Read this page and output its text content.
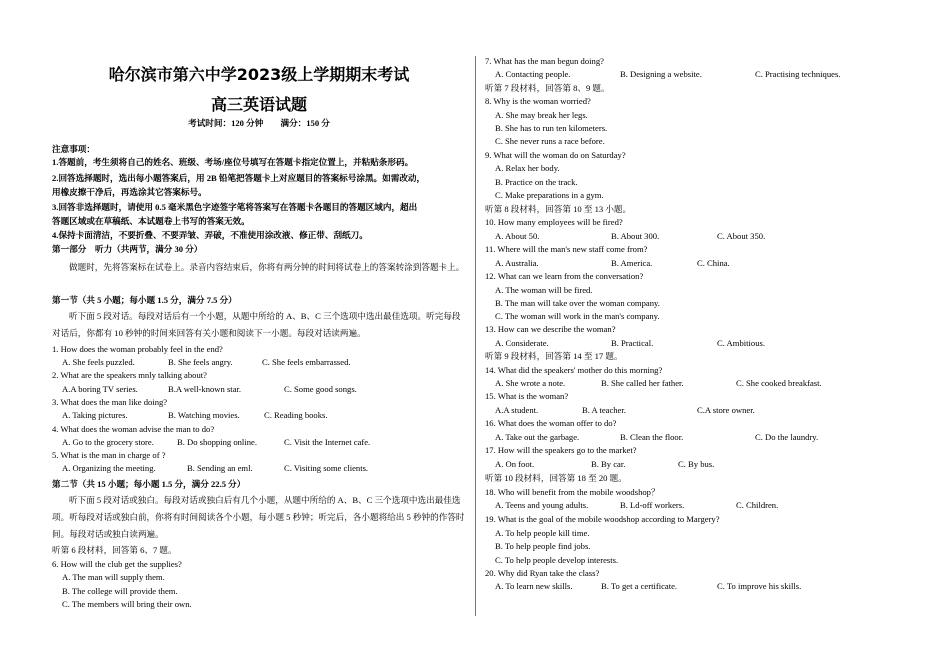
哈尔滨市第六中学2023级上学期期末考试
高三英语试题
考试时间：120 分钟　　满分：150 分
注意事项：
1.答题前，考生须将自己的姓名、班级、考场/座位号填写在答题卡指定位置上，并粘贴条形码。
2.回答选择题时，选出每小题答案后，用 2B 铅笔把答题卡上对应题目的答案标号涂黑。如需改动，
用橡皮擦干净后，再选涂其它答案标号。
3.回答非选择题时，请使用 0.5 毫米黑色字迹签字笔将答案写在答题卡各题目的答题区域内，超出
答题区域或在草稿纸、本试题卷上书写的答案无效。
4.保持卡面清洁，不要折叠、不要弄皱、弄破，不准使用涂改液、修正带、刮纸刀。
第一部分　听力（共两节，满分 30 分）
做题时，先将答案标在试卷上。录音内容结束后，你将有两分钟的时间将试卷上的答案转涂到答题卡上。
第一节（共 5 小题；每小题 1.5 分，满分 7.5 分）
听下面 5 段对话。每段对话后有一个小题，从题中所给的 A、B、C 三个选项中选出最佳选项。听完每段对话后，你都有 10 秒钟的时间来回答有关小题和阅读下一小题。每段对话读两遍。
1. How does the woman probably feel in the end?
A. She feels puzzled.	B. She feels angry.	C. She feels embarrassed.
2. What are the speakers mnly talking about?
A.A boring TV series.	B.A well-known star.	C. Some good songs.
3. What does the man like doing?
A. Taking pictures.	B. Watching movies.	C. Reading books.
4. What does the woman advise the man to do?
A. Go to the grocery store.	B. Do shopping online.	C. Visit the Internet cafe.
5. What is the man in charge of ?
A. Organizing the meeting.	B. Sending an eml.	C. Visiting some clients.
第二节（共 15 小题；每小题 1.5 分，满分 22.5 分）
听下面 5 段对话或独白。每段对话或独白后有几个小题，从题中所给的 A、B、C 三个选项中选出最佳选项。听每段对话或独白前，你将有时间阅读各个小题，每小题 5 秒钟；听完后，各小题将给出 5 秒钟的作答时间。每段对话或独白读两遍。
听第 6 段材料，回答第 6、7 题。
6. How will the club get the supplies?
A. The man will supply them.
B. The college will provide them.
C. The members will bring their own.
7. What has the man begun doing?
A. Contacting people.	B. Designing a website.	C. Practising techniques.
听第 7 段材料，回答第 8、9 题。
8. Why is the woman worried?
A. She may break her legs.
B. She has to run ten kilometers.
C. She never runs a race before.
9. What will the woman do on Saturday?
A. Relax her body.
B. Practice on the track.
C. Make preparations in a gym.
听第 8 段材料，回答第 10 至 13 小题。
10. How many employees will be fired?
A. About 50.	B. About 300.	C. About 350.
11. Where will the man's new staff come from?
A. Australia.	B. America.	C. China.
12. What can we learn from the conversation?
A. The woman will be fired.
B. The man will take over the woman company.
C. The woman will work in the man's company.
13. How can we describe the woman?
A. Considerate.	B. Practical.	C. Ambitious.
听第 9 段材料，回答第 14 至 17 题。
14. What did the speakers' mother do this morning?
A. She wrote a note.	B. She called her father.	C. She cooked breakfast.
15. What is the woman?
A.A student.	B. A teacher.	C.A store owner.
16. What does the woman offer to do?
A. Take out the garbage.	B. Clean the floor.	C. Do the laundry.
17. How will the speakers go to the market?
A. On foot.	B. By car.	C. By bus.
听第 10 段材料，回答第 18 至 20 题。
18. Who will benefit from the mobile woodshop？
A. Teens and young adults.	B. Ld-off workers.	C. Children.
19. What is the goal of the mobile woodshop according to Margery?
A. To help people kill time.
B. To help people find jobs.
C. To help people develop interests.
20. Why did Ryan take the class?
A. To learn new skills.	B. To get a certificate.	C. To improve his skills.
